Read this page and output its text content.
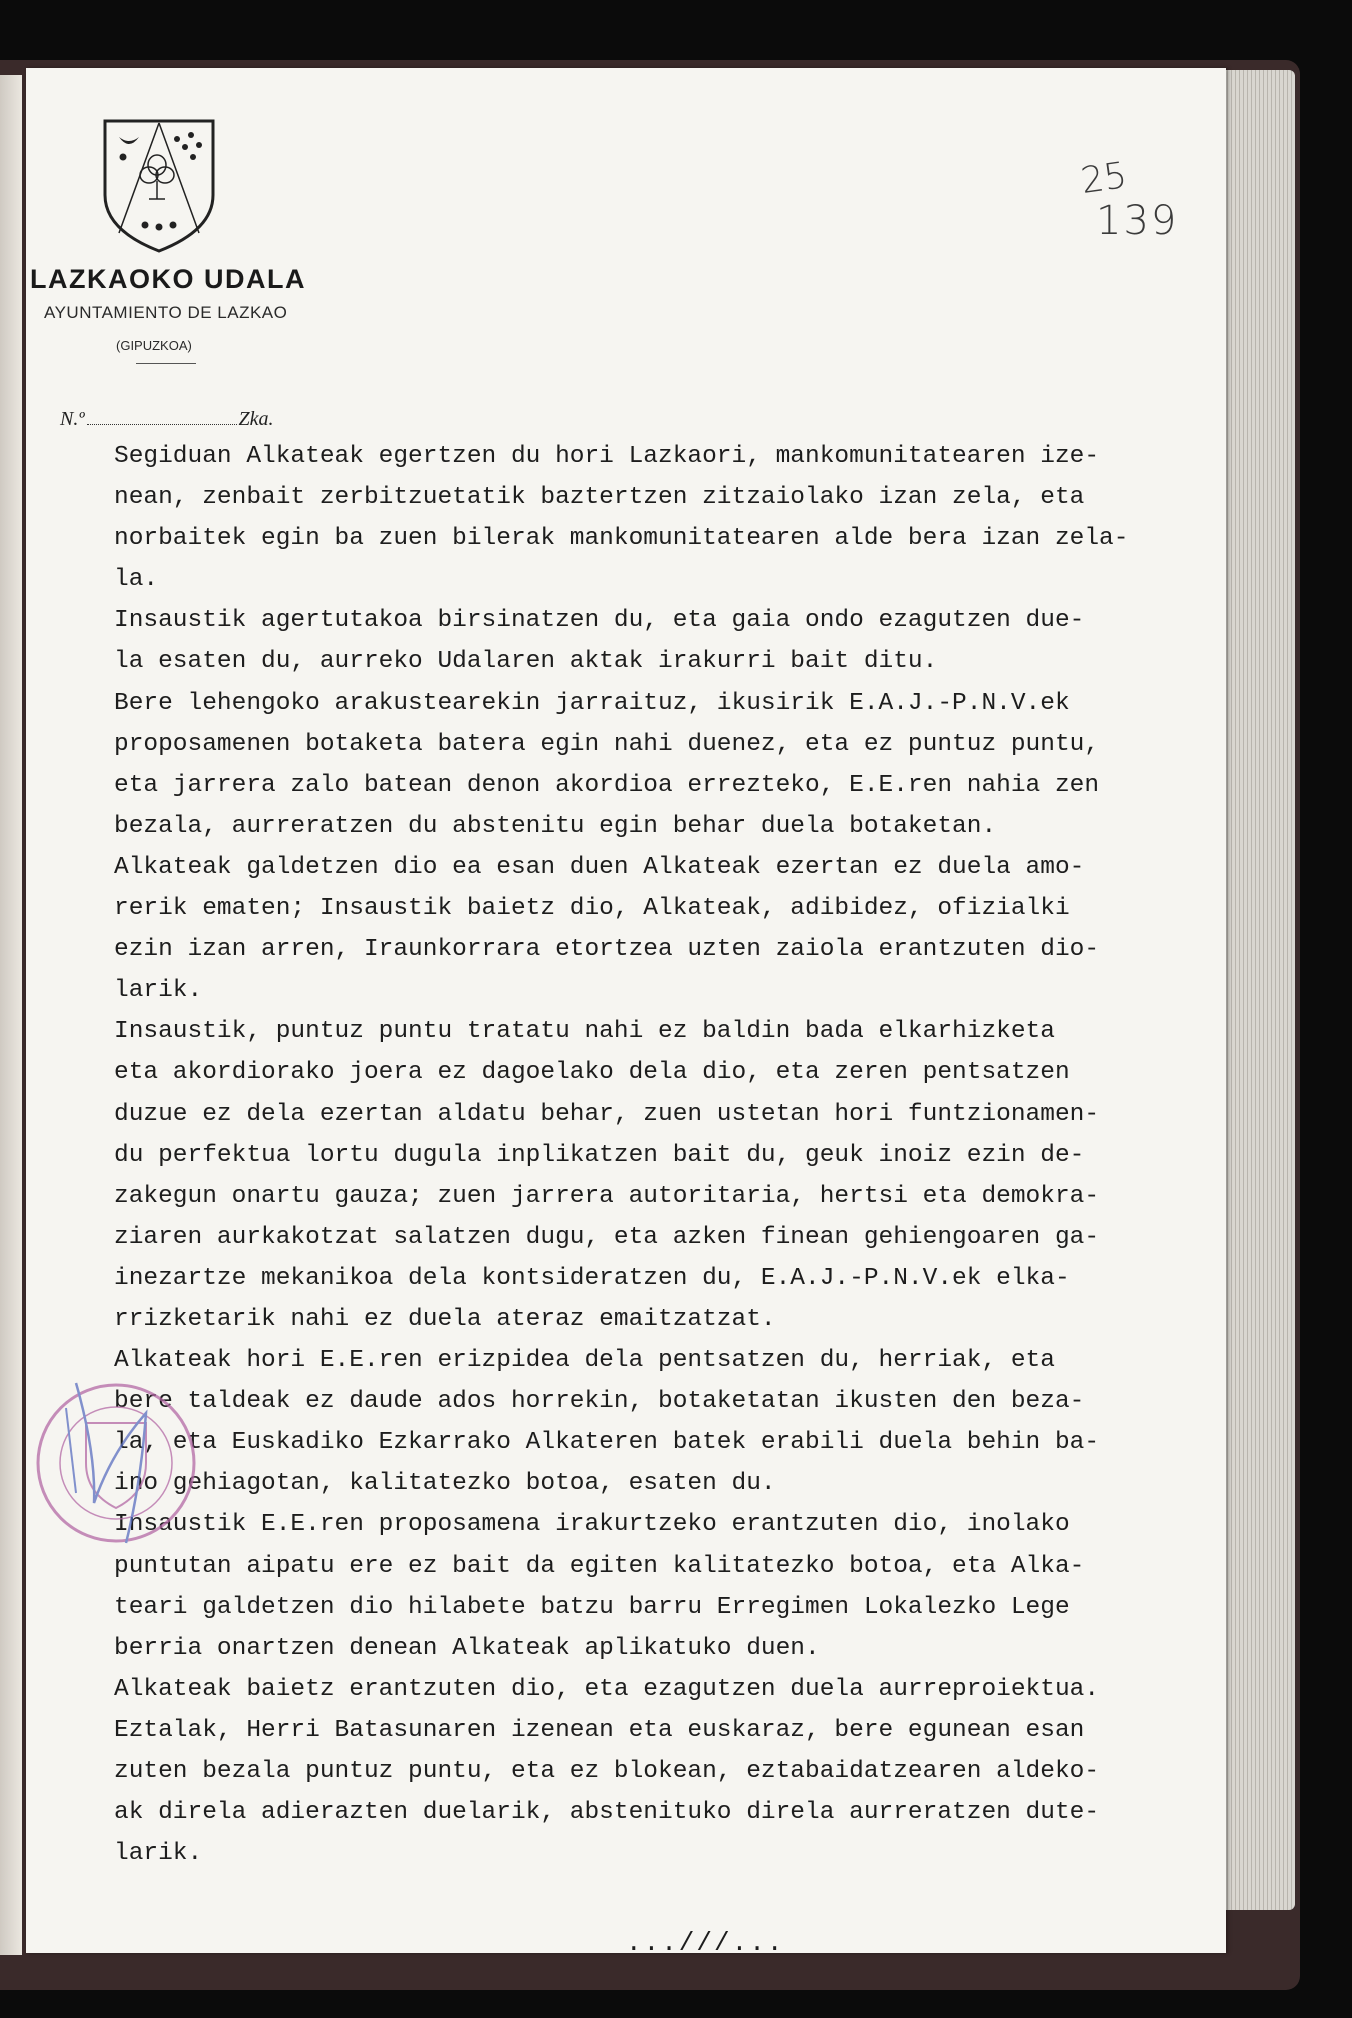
LAZKAOKO UDALA
AYUNTAMIENTO DE LAZKAO
(GIPUZKOA)
25
139
N.º	Zka.
Segiduan Alkateak egertzen du hori Lazkaori, mankomunitatearen ize-
nean, zenbait zerbitzuetatik baztertzen zitzaiolako izan zela, eta
norbaitek egin ba zuen bilerak mankomunitatearen alde bera izan zela-
la.
Insaustik agertutakoa birsinatzen du, eta gaia ondo ezagutzen due-
la esaten du, aurreko Udalaren aktak irakurri bait ditu.
Bere lehengoko arakustearekin jarraituz, ikusirik E.A.J.-P.N.V.ek
proposamenen botaketa batera egin nahi duenez, eta ez puntuz puntu,
eta jarrera zalo batean denon akordioa errezteko, E.E.ren nahia zen
bezala, aurreratzen du abstenitu egin behar duela botaketan.
Alkateak galdetzen dio ea esan duen Alkateak ezertan ez duela amo-
rerik ematen; Insaustik baietz dio, Alkateak, adibidez, ofizialki
ezin izan arren, Iraunkorrara etortzea uzten zaiola erantzuten dio-
larik.
Insaustik, puntuz puntu tratatu nahi ez baldin bada elkarhizketa
eta akordiorako joera ez dagoelako dela dio, eta zeren pentsatzen
duzue ez dela ezertan aldatu behar, zuen ustetan hori funtzionamen-
du perfektua lortu dugula inplikatzen bait du, geuk inoiz ezin de-
zakegun onartu gauza; zuen jarrera autoritaria, hertsi eta demokra-
ziaren aurkakotzat salatzen dugu, eta azken finean gehiengoaren ga-
inezartze mekanikoa dela kontsideratzen du, E.A.J.-P.N.V.ek elka-
rrizketarik nahi ez duela ateraz emaitzatzat.
Alkateak hori E.E.ren erizpidea dela pentsatzen du, herriak, eta
bere taldeak ez daude ados horrekin, botaketatan ikusten den beza-
la, eta Euskadiko Ezkarrako Alkateren batek erabili duela behin ba-
ino gehiagotan, kalitatezko botoa, esaten du.
Insaustik E.E.ren proposamena irakurtzeko erantzuten dio, inolako
puntutan aipatu ere ez bait da egiten kalitatezko botoa, eta Alka-
teari galdetzen dio hilabete batzu barru Erregimen Lokalezko Lege
berria onartzen denean Alkateak aplikatuko duen.
Alkateak baietz erantzuten dio, eta ezagutzen duela aurreproiektua.
Eztalak, Herri Batasunaren izenean eta euskaraz, bere egunean esan
zuten bezala puntuz puntu, eta ez blokean, eztabaidatzearen aldeko-
ak direla adierazten duelarik, abstenituko direla aurreratzen dute-
larik.
...///...
